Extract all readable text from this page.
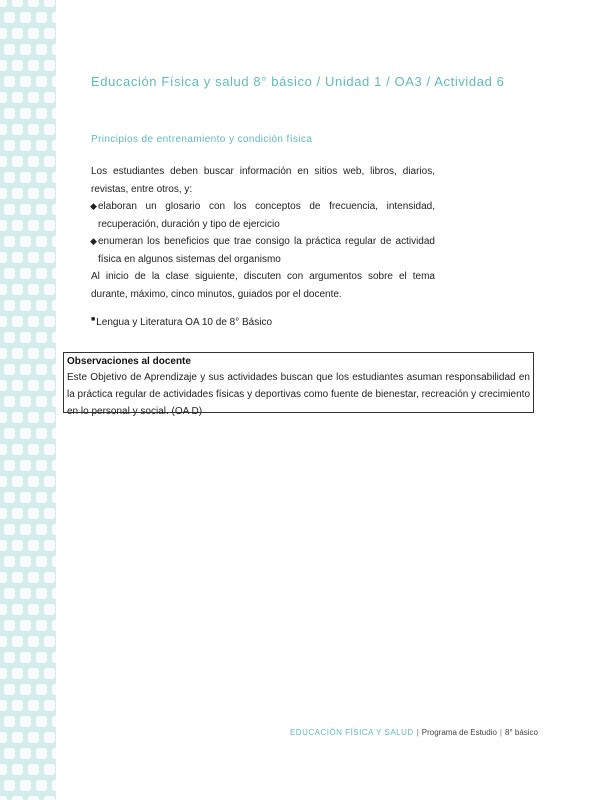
Educación Física y salud 8° básico / Unidad 1 / OA3 / Actividad 6
Principios de entrenamiento y condición física

Los estudiantes deben buscar información en sitios web, libros, diarios, revistas, entre otros, y:

◆ elaboran un glosario con los conceptos de frecuencia, intensidad, recuperación, duración y tipo de ejercicio
◆ enumeran los beneficios que trae consigo la práctica regular de actividad física en algunos sistemas del organismo

Al inicio de la clase siguiente, discuten con argumentos sobre el tema durante, máximo, cinco minutos, guiados por el docente.

■Lengua y Literatura OA 10 de 8° Básico

Observaciones al docente

Este Objetivo de Aprendizaje y sus actividades buscan que los estudiantes asuman responsabilidad en la práctica regular de actividades físicas y deportivas como fuente de bienestar, recreación y crecimiento en lo personal y social. (OA D)

EDUCACIÓN FÍSICA Y SALUD | Programa de Estudio | 8° básico
